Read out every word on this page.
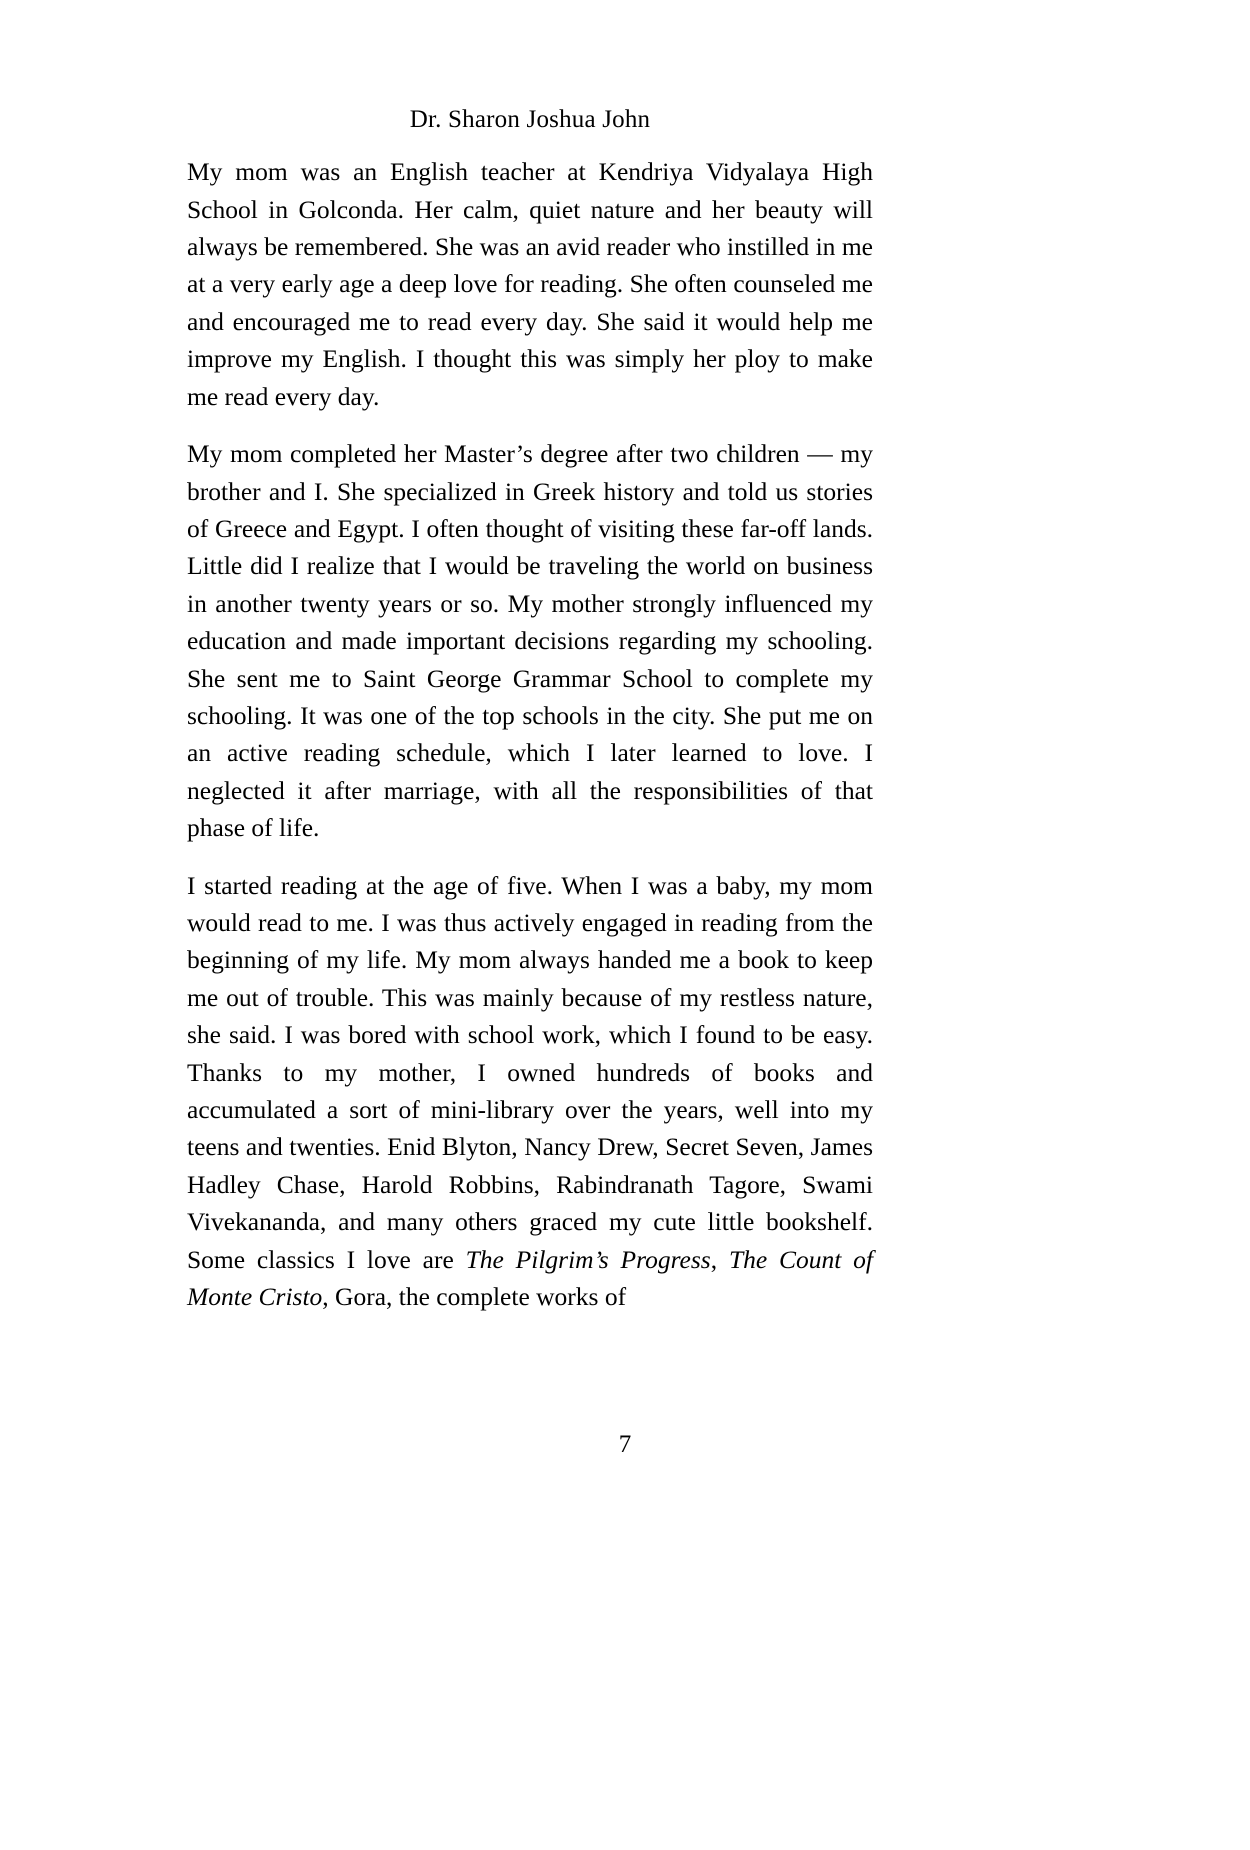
Dr. Sharon Joshua John

My mom was an English teacher at Kendriya Vidyalaya High School in Golconda. Her calm, quiet nature and her beauty will always be remembered. She was an avid reader who instilled in me at a very early age a deep love for reading. She often counseled me and encouraged me to read every day. She said it would help me improve my English. I thought this was simply her ploy to make me read every day.

My mom completed her Master’s degree after two children — my brother and I. She specialized in Greek history and told us stories of Greece and Egypt. I often thought of visiting these far-off lands. Little did I realize that I would be traveling the world on business in another twenty years or so. My mother strongly influenced my education and made important decisions regarding my schooling. She sent me to Saint George Grammar School to complete my schooling. It was one of the top schools in the city. She put me on an active reading schedule, which I later learned to love. I neglected it after marriage, with all the responsibilities of that phase of life.

I started reading at the age of five. When I was a baby, my mom would read to me. I was thus actively engaged in reading from the beginning of my life. My mom always handed me a book to keep me out of trouble. This was mainly because of my restless nature, she said. I was bored with school work, which I found to be easy. Thanks to my mother, I owned hundreds of books and accumulated a sort of mini-library over the years, well into my teens and twenties. Enid Blyton, Nancy Drew, Secret Seven, James Hadley Chase, Harold Robbins, Rabindranath Tagore, Swami Vivekananda, and many others graced my cute little bookshelf. Some classics I love are The Pilgrim’s Progress, The Count of Monte Cristo, Gora, the complete works of

7
